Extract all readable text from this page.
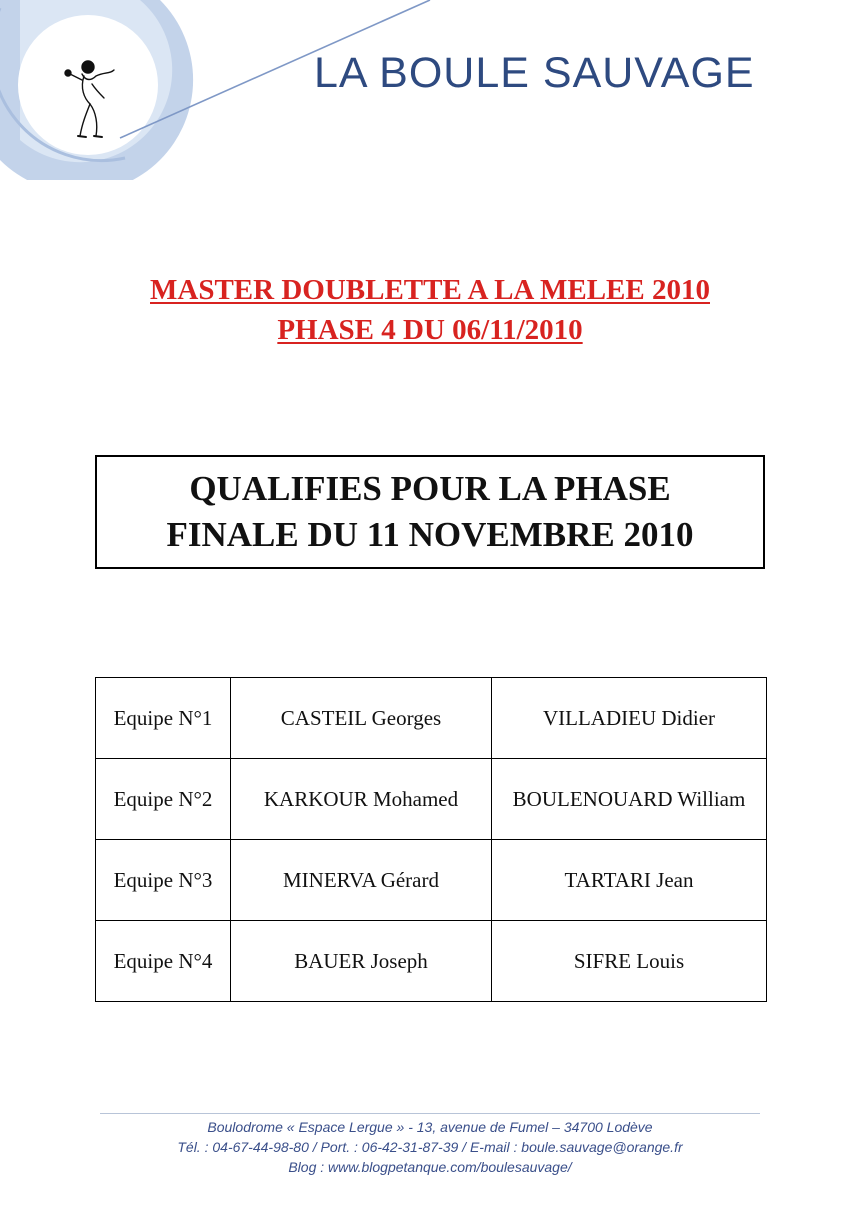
LA BOULE SAUVAGE
MASTER DOUBLETTE A LA MELEE 2010
PHASE 4 DU 06/11/2010
QUALIFIES POUR LA PHASE
FINALE DU 11 NOVEMBRE 2010
Equipe N°1	CASTEIL Georges	VILLADIEU Didier
Equipe N°2	KARKOUR Mohamed	BOULENOUARD William
Equipe N°3	MINERVA Gérard	TARTARI Jean
Equipe N°4	BAUER Joseph	SIFRE Louis
Boulodrome « Espace Lergue » - 13, avenue de Fumel – 34700 Lodève
Tél. : 04-67-44-98-80 / Port. : 06-42-31-87-39 / E-mail : boule.sauvage@orange.fr
Blog : www.blogpetanque.com/boulesauvage/
